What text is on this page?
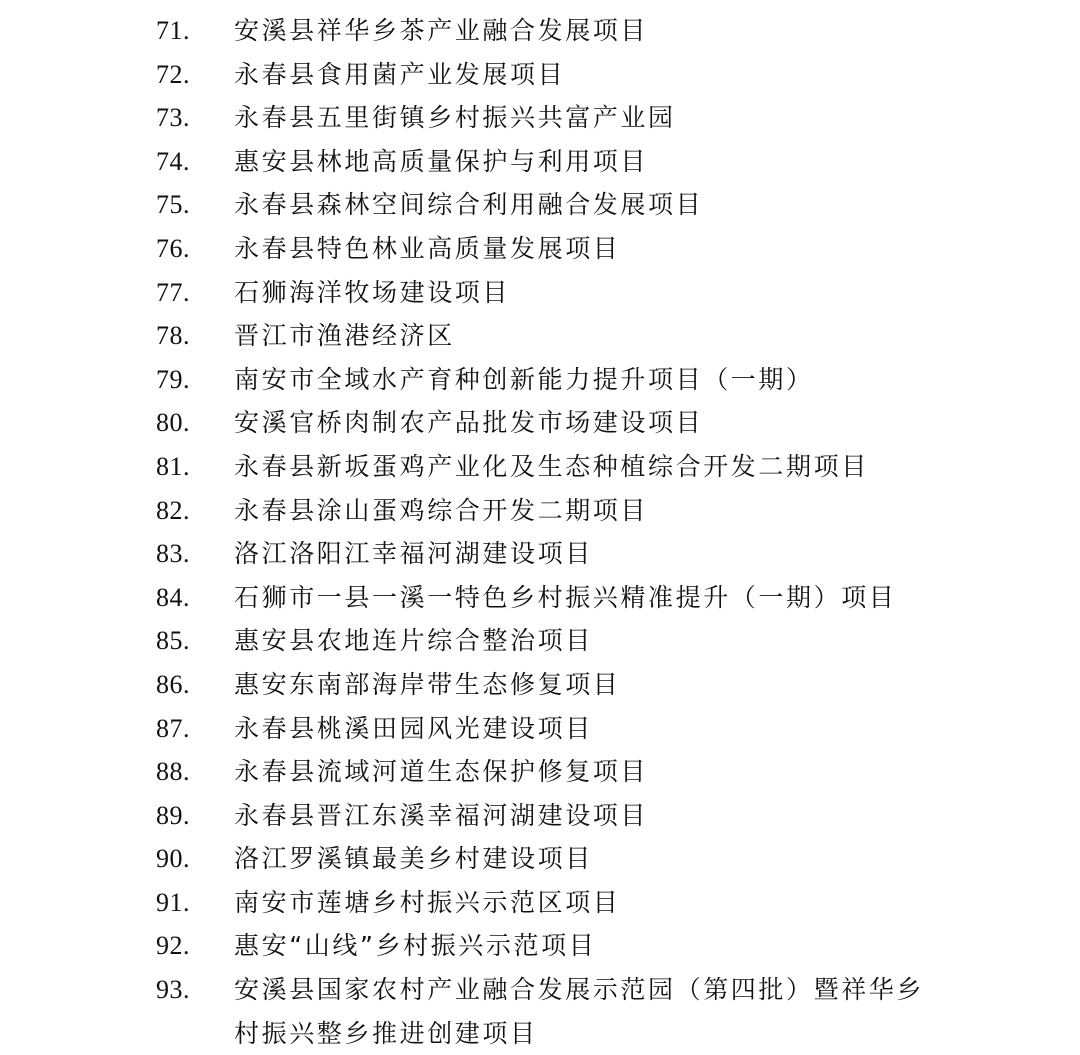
71.	安溪县祥华乡茶产业融合发展项目
72.	永春县食用菌产业发展项目
73.	永春县五里街镇乡村振兴共富产业园
74.	惠安县林地高质量保护与利用项目
75.	永春县森林空间综合利用融合发展项目
76.	永春县特色林业高质量发展项目
77.	石狮海洋牧场建设项目
78.	晋江市渔港经济区
79.	南安市全域水产育种创新能力提升项目（一期）
80.	安溪官桥肉制农产品批发市场建设项目
81.	永春县新坂蛋鸡产业化及生态种植综合开发二期项目
82.	永春县涂山蛋鸡综合开发二期项目
83.	洛江洛阳江幸福河湖建设项目
84.	石狮市一县一溪一特色乡村振兴精准提升（一期）项目
85.	惠安县农地连片综合整治项目
86.	惠安东南部海岸带生态修复项目
87.	永春县桃溪田园风光建设项目
88.	永春县流域河道生态保护修复项目
89.	永春县晋江东溪幸福河湖建设项目
90.	洛江罗溪镇最美乡村建设项目
91.	南安市莲塘乡村振兴示范区项目
92.	惠安“山线”乡村振兴示范项目
93.	安溪县国家农村产业融合发展示范园（第四批）暨祥华乡村振兴整乡推进创建项目
